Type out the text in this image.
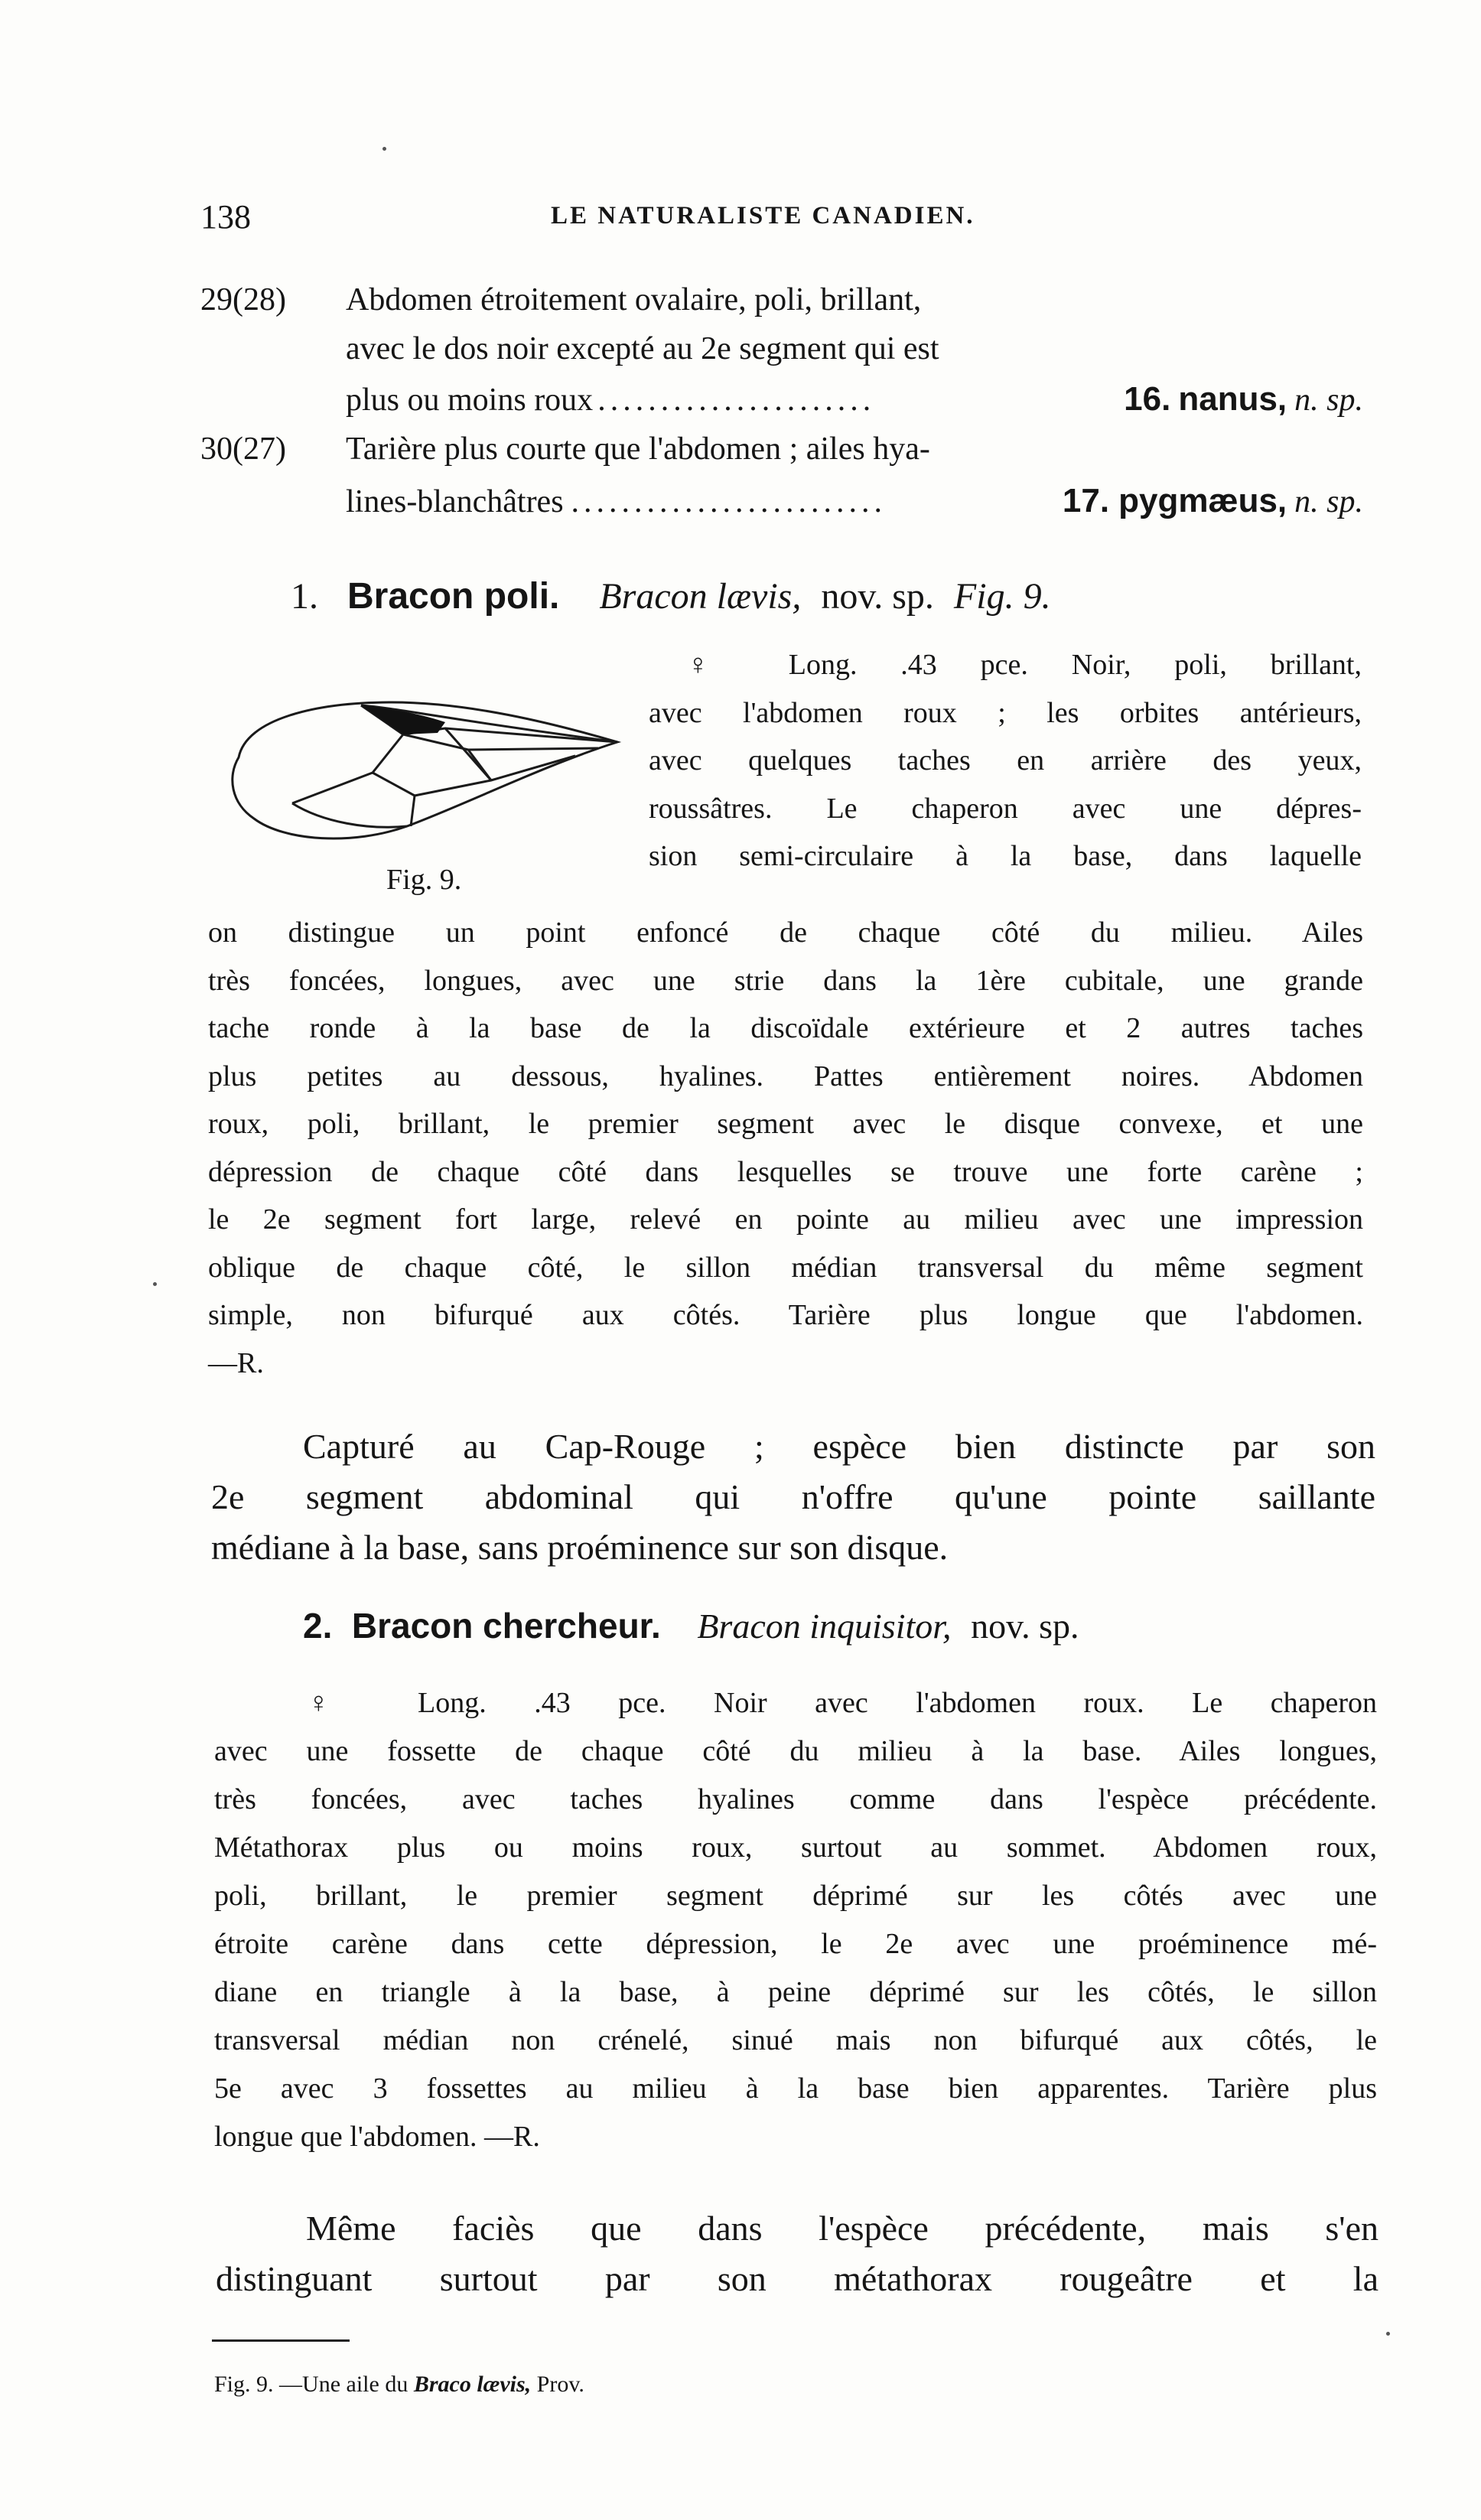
138	LE NATURALISTE CANADIEN.
29(28) Abdomen étroitement ovalaire, poli, brillant,
avec le dos noir excepté au 2e segment qui est
plus ou moins roux ......................	16. nanus, n. sp.
30(27) Tarière plus courte que l'abdomen ; ailes hya-
lines-blanchâtres .........................	17. pygmæus, n. sp.
1. Bracon poli. Bracon lævis, nov. sp. Fig. 9.
Fig. 9.
♀ Long. .43 pce. Noir, poli, brillant,
avec l'abdomen roux ; les orbites antérieurs,
avec quelques taches en arrière des yeux,
roussâtres. Le chaperon avec une dépres-
sion semi-circulaire à la base, dans laquelle
on distingue un point enfoncé de chaque côté du milieu. Ailes
très foncées, longues, avec une strie dans la 1ère cubitale, une grande
tache ronde à la base de la discoïdale extérieure et 2 autres taches
plus petites au dessous, hyalines. Pattes entièrement noires. Abdomen
roux, poli, brillant, le premier segment avec le disque convexe, et une
dépression de chaque côté dans lesquelles se trouve une forte carène ;
le 2e segment fort large, relevé en pointe au milieu avec une impression
oblique de chaque côté, le sillon médian transversal du même segment
simple, non bifurqué aux côtés. Tarière plus longue que l'abdomen.
—R.
Capturé au Cap-Rouge ; espèce bien distincte par son
2e segment abdominal qui n'offre qu'une pointe saillante
médiane à la base, sans proéminence sur son disque.
2. Bracon chercheur. Bracon inquisitor, nov. sp.
♀ Long. .43 pce. Noir avec l'abdomen roux. Le chaperon
avec une fossette de chaque côté du milieu à la base. Ailes longues,
très foncées, avec taches hyalines comme dans l'espèce précédente.
Métathorax plus ou moins roux, surtout au sommet. Abdomen roux,
poli, brillant, le premier segment déprimé sur les côtés avec une
étroite carène dans cette dépression, le 2e avec une proéminence mé-
diane en triangle à la base, à peine déprimé sur les côtés, le sillon
transversal médian non crénelé, sinué mais non bifurqué aux côtés, le
5e avec 3 fossettes au milieu à la base bien apparentes. Tarière plus
longue que l'abdomen. —R.
Même faciès que dans l'espèce précédente, mais s'en
distinguant surtout par son métathorax rougeâtre et la
Fig. 9. —Une aile du Braco lævis, Prov.
